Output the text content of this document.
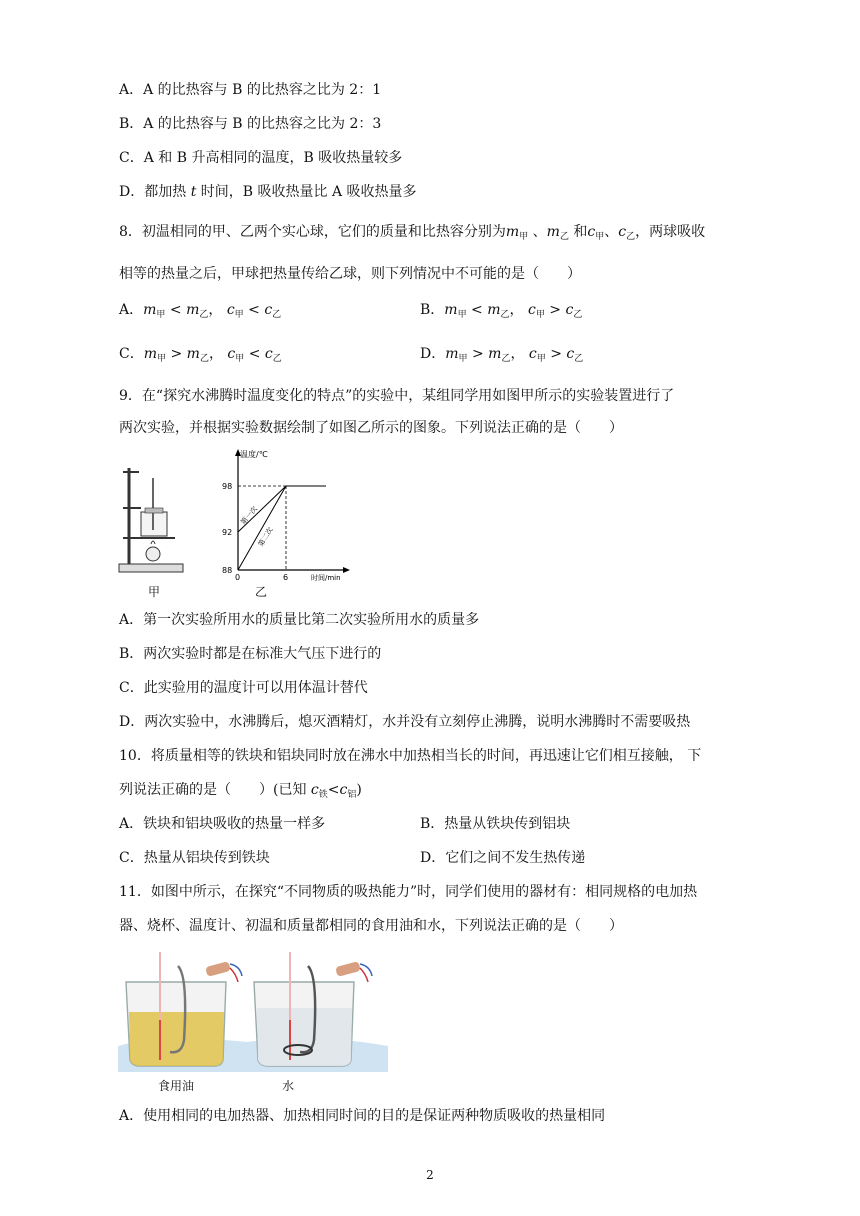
A．A 的比热容与 B 的比热容之比为 2：1
B．A 的比热容与 B 的比热容之比为 2：3
C．A 和 B 升高相同的温度，B 吸收热量较多
D．都加热 t 时间，B 吸收热量比 A 吸收热量多
8．初温相同的甲、乙两个实心球，它们的质量和比热容分别为$m_甲$ 、$m_乙$ 和$c_甲$、$c_乙$，两球吸收
相等的热量之后，甲球把热量传给乙球，则下列情况中不可能的是（　　）
A．$m_甲 < m_乙$， $c_甲 < c_乙$	B．$m_甲 < m_乙$， $c_甲 > c_乙$
C．$m_甲 > m_乙$， $c_甲 < c_乙$	D．$m_甲 > m_乙$， $c_甲 > c_乙$
9．在“探究水沸腾时温度变化的特点”的实验中，某组同学用如图甲所示的实验装置进行了
两次实验，并根据实验数据绘制了如图乙所示的图象。下列说法正确的是（　　）
甲
温度/℃
98
92
88
0	6	时间/min
第一次
第二次
乙
A．第一次实验所用水的质量比第二次实验所用水的质量多
B．两次实验时都是在标准大气压下进行的
C．此实验用的温度计可以用体温计替代
D．两次实验中，水沸腾后，熄灭酒精灯，水并没有立刻停止沸腾，说明水沸腾时不需要吸热
10．将质量相等的铁块和铝块同时放在沸水中加热相当长的时间，再迅速让它们相互接触， 下
列说法正确的是（　　）(已知 $c_铁<c_铝$)
A．铁块和铝块吸收的热量一样多	B．热量从铁块传到铝块
C．热量从铝块传到铁块	D．它们之间不发生热传递
11．如图中所示，在探究“不同物质的吸热能力”时，同学们使用的器材有：相同规格的电加热
器、烧杯、温度计、初温和质量都相同的食用油和水，下列说法正确的是（　　）
食用油	水
A．使用相同的电加热器、加热相同时间的目的是保证两种物质吸收的热量相同
2
